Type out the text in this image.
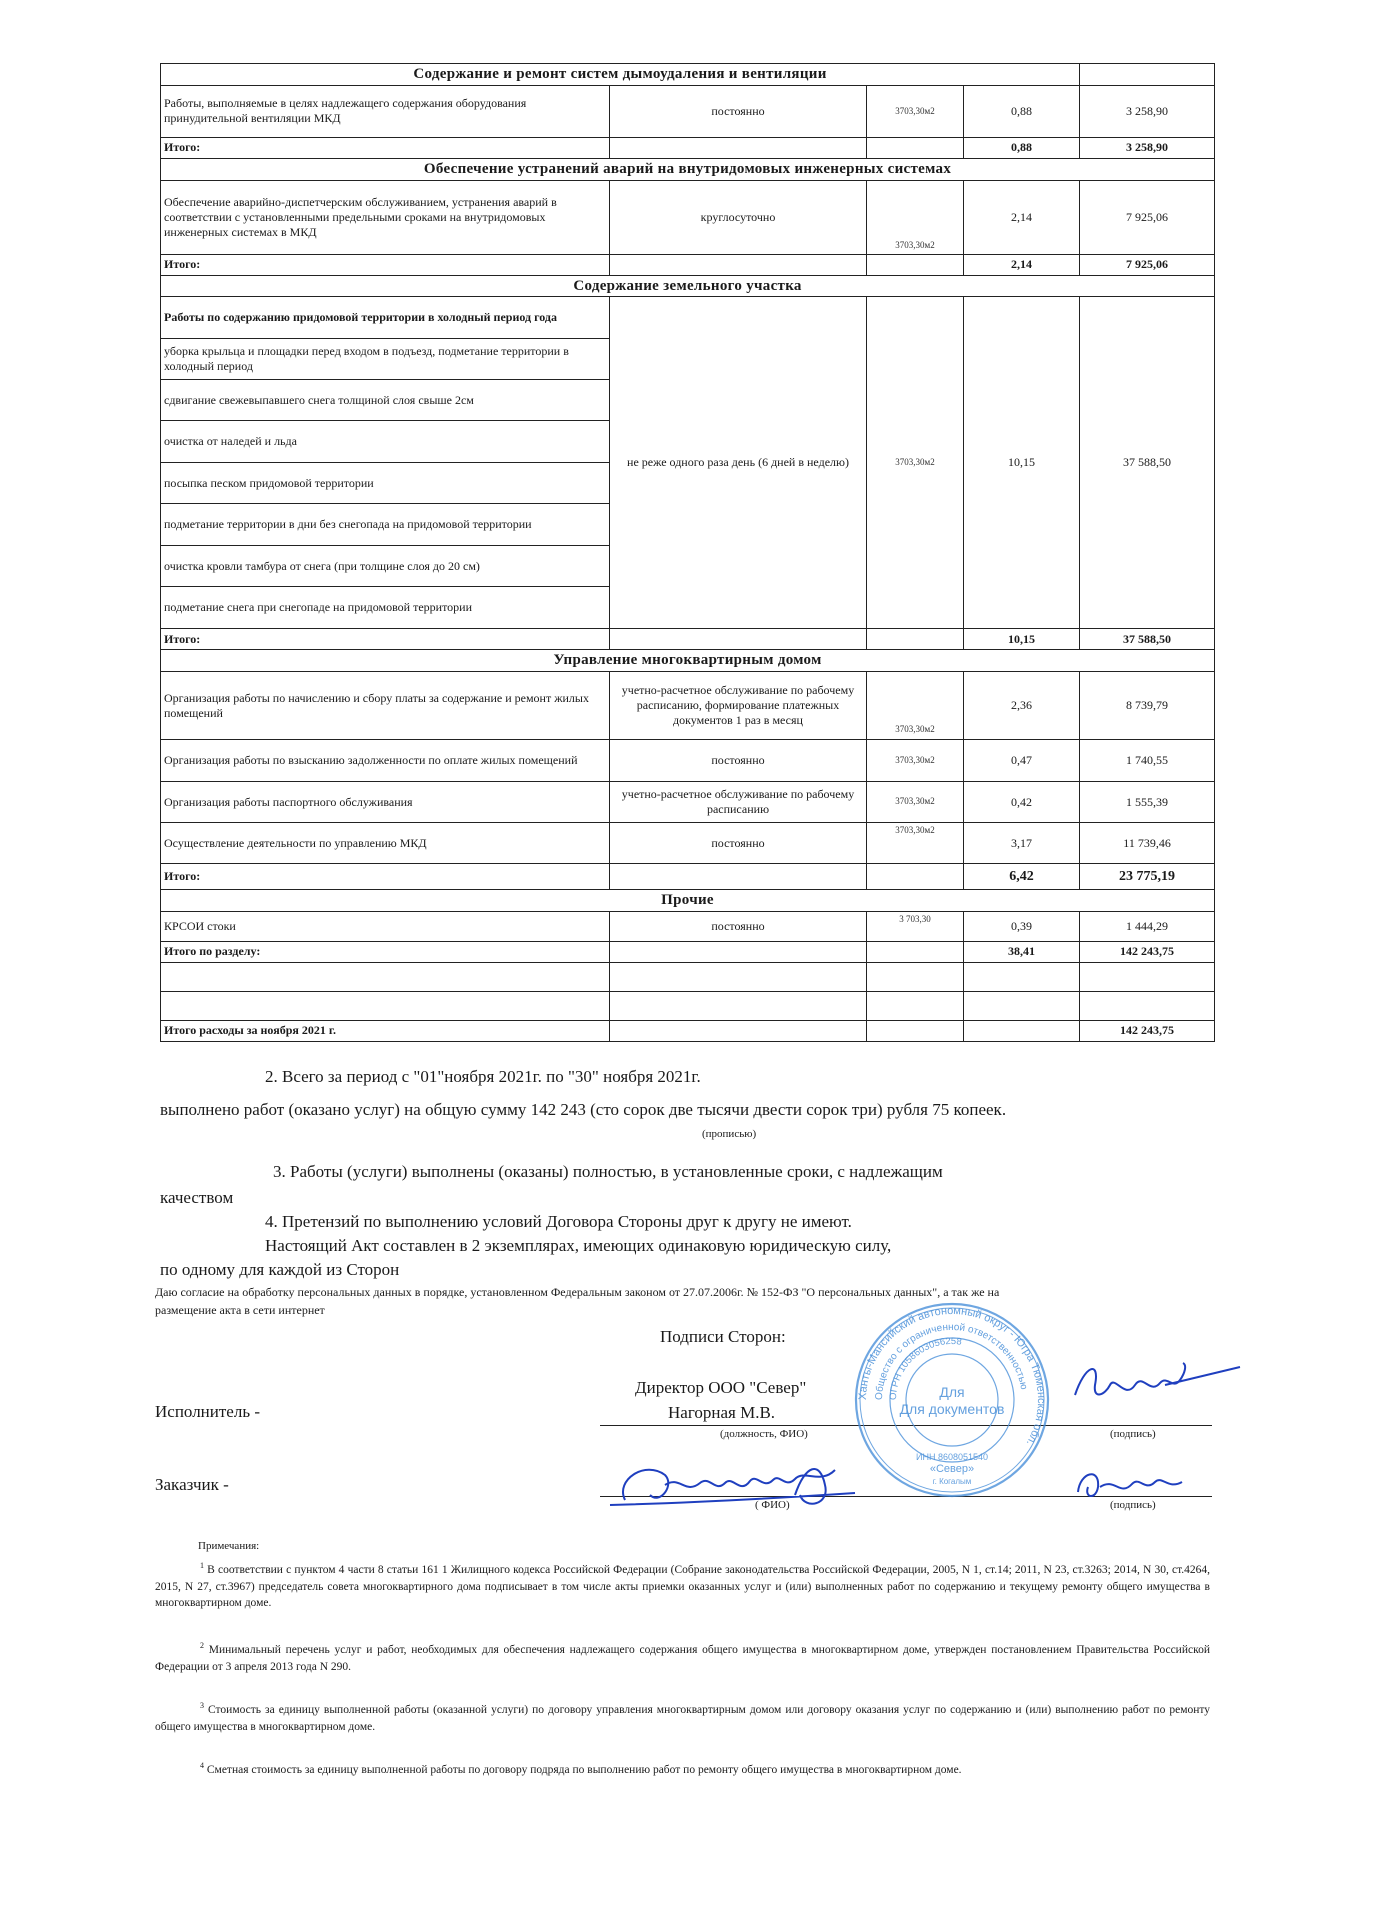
Содержание и ремонт систем дымоудаления и вентиляции				
Работы, выполняемые в целях надлежащего содержания оборудования принудительной вентиляции МКД	постоянно	3703,30м2	0,88	3 258,90
Итого:			0,88	3 258,90
Обеспечение устранений аварий на внутридомовых инженерных системах				
Обеспечение аварийно-диспетчерским обслуживанием, устранения аварий в соответствии с установленными предельными сроками на внутридомовых инженерных системах в МКД	круглосуточно	3703,30м2	2,14	7 925,06
Итого:			2,14	7 925,06
Содержание земельного участка				
Работы по содержанию придомовой территории в холодный период года	не реже одного раза день (6 дней в неделю)	3703,30м2	10,15	37 588,50
уборка крыльца и площадки перед входом в подъезд, подметание территории в холодный период				
сдвигание свежевыпавшего снега толщиной слоя свыше 2см				
очистка от наледей и льда				
посыпка песком придомовой территории				
подметание территории в дни без снегопада на придомовой территории				
очистка кровли тамбура от снега (при толщине слоя до 20 см)				
подметание снега при снегопаде на придомовой территории				
Итого:			10,15	37 588,50
Управление многоквартирным домом				
Организация работы по начислению и сбору платы за содержание и ремонт жилых помещений	учетно-расчетное обслуживание по рабочему расписанию, формирование платежных документов 1 раз в месяц	3703,30м2	2,36	8 739,79
Организация работы по взысканию задолженности по оплате жилых помещений	постоянно	3703,30м2	0,47	1 740,55
Организация работы паспортного обслуживания	учетно-расчетное обслуживание по рабочему расписанию	3703,30м2	0,42	1 555,39
Осуществление деятельности по управлению МКД	постоянно	3703,30м2	3,17	11 739,46
Итого:			6,42	23 775,19
Прочие				
КРСОИ стоки	постоянно	3 703,30	0,39	1 444,29
Итого по разделу:			38,41	142 243,75

Итого расходы за ноября 2021 г.				142 243,75
2. Всего за период с "01"ноября 2021г. по "30" ноября 2021г.
выполнено работ (оказано услуг) на общую сумму 142 243 (сто сорок две тысячи двести сорок три) рубля 75 копеек.
(прописью)
3. Работы (услуги) выполнены (оказаны) полностью, в установленные сроки, с надлежащим
качеством
4. Претензий по выполнению условий Договора Стороны друг к другу не имеют.
Настоящий Акт составлен в 2 экземплярах, имеющих одинаковую юридическую силу,
по одному для каждой из Сторон
Даю согласие на обработку персональных данных в порядке, установленном Федеральным законом от 27.07.2006г. № 152-ФЗ "О персональных данных", а так же на
размещение акта в сети интернет
Подписи Сторон:
Исполнитель -
Директор ООО "Север"
Нагорная М.В.
(должность, ФИО)	(подпись)
Заказчик -
( ФИО)	(подпись)
Ханты-Мансийский автономный округ - Югра Тюменская обл.
Общество с ограниченной ответственностью
ОГРН 1058603056258
Для
Для документов
ИНН 8608051540
«Север»
г. Когалым
Примечания:
$^1$ В соответствии с пунктом 4 части 8 статьи 161 1 Жилищного кодекса Российской Федерации (Собрание законодательства Российской Федерации, 2005, N 1, ст.14; 2011, N 23, ст.3263; 2014, N 30, ст.4264, 2015, N 27, ст.3967) председатель совета многоквартирного дома подписывает в том числе акты приемки оказанных услуг и (или) выполненных работ по содержанию и текущему ремонту общего имущества в многоквартирном доме.
$^2$ Минимальный перечень услуг и работ, необходимых для обеспечения надлежащего содержания общего имущества в многоквартирном доме, утвержден постановлением Правительства Российской Федерации от 3 апреля 2013 года N 290.
$^3$ Стоимость за единицу выполненной работы (оказанной услуги) по договору управления многоквартирным домом или договору оказания услуг по содержанию и (или) выполнению работ по ремонту общего имущества в многоквартирном доме.
$^4$ Сметная стоимость за единицу выполненной работы по договору подряда по выполнению работ по ремонту общего имущества в многоквартирном доме.
